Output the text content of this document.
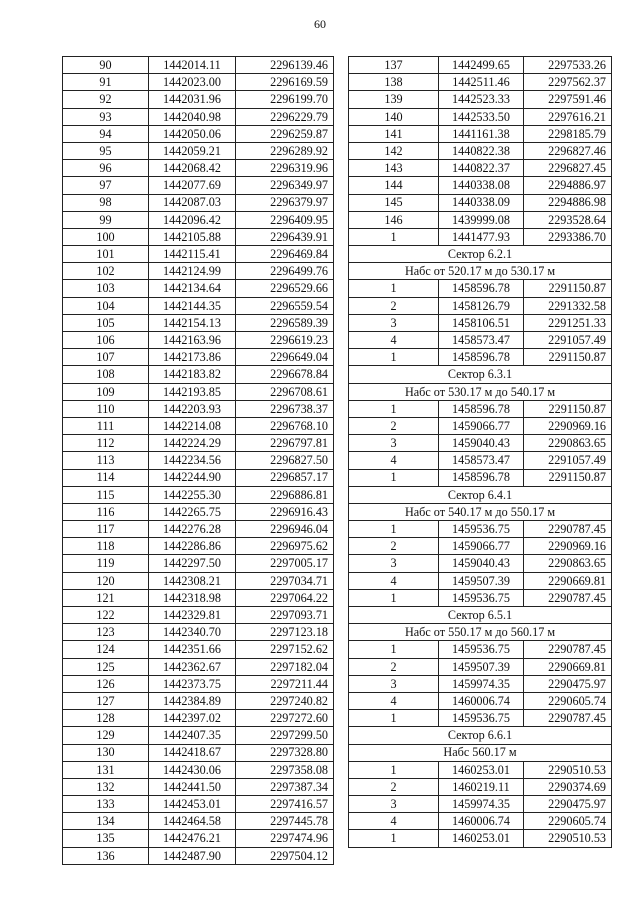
60
90	1442014.11	2296139.46
91	1442023.00	2296169.59
92	1442031.96	2296199.70
93	1442040.98	2296229.79
94	1442050.06	2296259.87
95	1442059.21	2296289.92
96	1442068.42	2296319.96
97	1442077.69	2296349.97
98	1442087.03	2296379.97
99	1442096.42	2296409.95
100	1442105.88	2296439.91
101	1442115.41	2296469.84
102	1442124.99	2296499.76
103	1442134.64	2296529.66
104	1442144.35	2296559.54
105	1442154.13	2296589.39
106	1442163.96	2296619.23
107	1442173.86	2296649.04
108	1442183.82	2296678.84
109	1442193.85	2296708.61
110	1442203.93	2296738.37
111	1442214.08	2296768.10
112	1442224.29	2296797.81
113	1442234.56	2296827.50
114	1442244.90	2296857.17
115	1442255.30	2296886.81
116	1442265.75	2296916.43
117	1442276.28	2296946.04
118	1442286.86	2296975.62
119	1442297.50	2297005.17
120	1442308.21	2297034.71
121	1442318.98	2297064.22
122	1442329.81	2297093.71
123	1442340.70	2297123.18
124	1442351.66	2297152.62
125	1442362.67	2297182.04
126	1442373.75	2297211.44
127	1442384.89	2297240.82
128	1442397.02	2297272.60
129	1442407.35	2297299.50
130	1442418.67	2297328.80
131	1442430.06	2297358.08
132	1442441.50	2297387.34
133	1442453.01	2297416.57
134	1442464.58	2297445.78
135	1442476.21	2297474.96
136	1442487.90	2297504.12
137	1442499.65	2297533.26
138	1442511.46	2297562.37
139	1442523.33	2297591.46
140	1442533.50	2297616.21
141	1441161.38	2298185.79
142	1440822.38	2296827.46
143	1440822.37	2296827.45
144	1440338.08	2294886.97
145	1440338.09	2294886.98
146	1439999.08	2293528.64
1	1441477.93	2293386.70
Сектор 6.2.1		
Набс от 520.17 м до 530.17 м		
1	1458596.78	2291150.87
2	1458126.79	2291332.58
3	1458106.51	2291251.33
4	1458573.47	2291057.49
1	1458596.78	2291150.87
Сектор 6.3.1		
Набс от 530.17 м до 540.17 м		
1	1458596.78	2291150.87
2	1459066.77	2290969.16
3	1459040.43	2290863.65
4	1458573.47	2291057.49
1	1458596.78	2291150.87
Сектор 6.4.1		
Набс от 540.17 м до 550.17 м		
1	1459536.75	2290787.45
2	1459066.77	2290969.16
3	1459040.43	2290863.65
4	1459507.39	2290669.81
1	1459536.75	2290787.45
Сектор 6.5.1		
Набс от 550.17 м до 560.17 м		
1	1459536.75	2290787.45
2	1459507.39	2290669.81
3	1459974.35	2290475.97
4	1460006.74	2290605.74
1	1459536.75	2290787.45
Сектор 6.6.1		
Набс 560.17 м		
1	1460253.01	2290510.53
2	1460219.11	2290374.69
3	1459974.35	2290475.97
4	1460006.74	2290605.74
1	1460253.01	2290510.53
